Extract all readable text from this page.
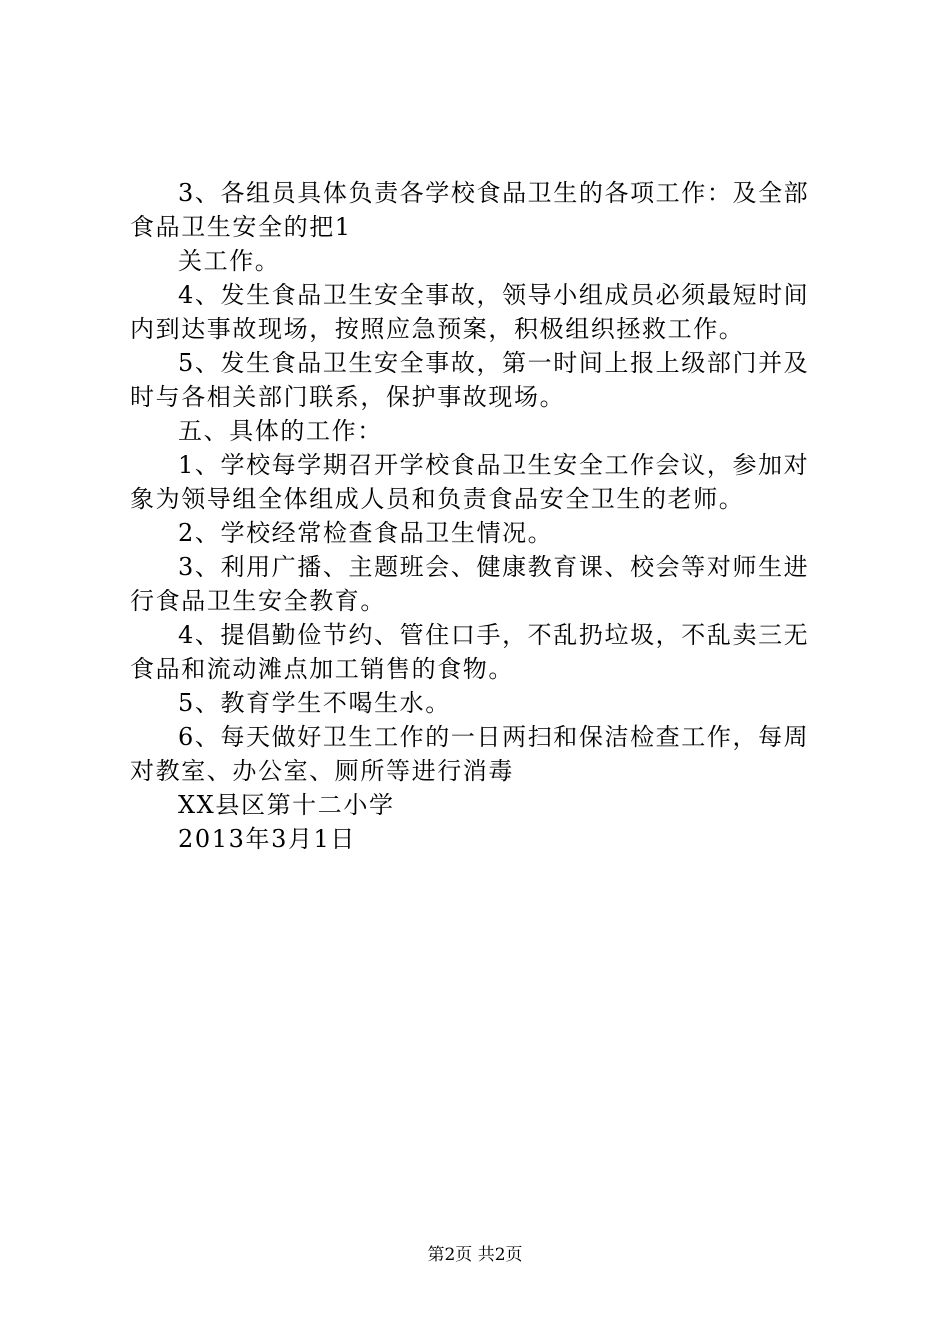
3、各组员具体负责各学校食品卫生的各项工作：及全部食品卫生安全的把1

关工作。

4、发生食品卫生安全事故，领导小组成员必须最短时间内到达事故现场，按照应急预案，积极组织拯救工作。

5、发生食品卫生安全事故，第一时间上报上级部门并及时与各相关部门联系，保护事故现场。

五、具体的工作：

1、学校每学期召开学校食品卫生安全工作会议，参加对象为领导组全体组成人员和负责食品安全卫生的老师。

2、学校经常检查食品卫生情况。

3、利用广播、主题班会、健康教育课、校会等对师生进行食品卫生安全教育。

4、提倡勤俭节约、管住口手，不乱扔垃圾，不乱卖三无食品和流动滩点加工销售的食物。

5、教育学生不喝生水。

6、每天做好卫生工作的一日两扫和保洁检查工作，每周对教室、办公室、厕所等进行消毒

XX县区第十二小学

2013年3月1日

第2页 共2页
